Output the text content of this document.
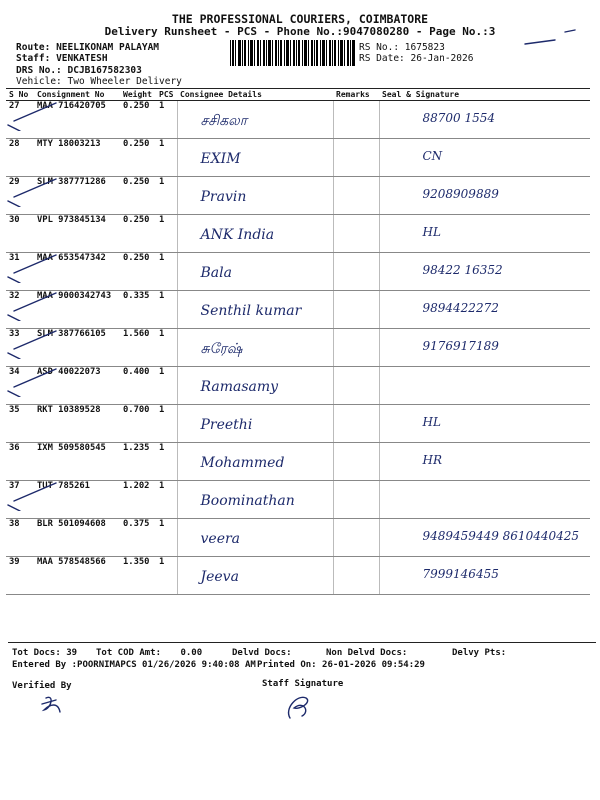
THE PROFESSIONAL COURIERS, COIMBATORE
Delivery Runsheet - PCS - Phone No.:9047080280 - Page No.:3
Route: NEELIKONAM PALAYAM
Staff: VENKATESH
DRS No.: DCJB167582303
Vehicle: Two Wheeler Delivery
RS No.: 1675823
RS Date: 26-Jan-2026
S No	Consignment No	Weight	PCS	Consignee Details	Remarks	Seal & Signature
27	MAA 716420705	0.250	1	சசிகலா		88700 1554

28	MTY 18003213	0.250	1	EXIM		CN

29	SLM 387771286	0.250	1	Pravin		9208909889

30	VPL 973845134	0.250	1	ANK India		HL

31	MAA 653547342	0.250	1	Bala		98422 16352

32	MAA 9000342743	0.335	1	Senthil kumar		9894422272

33	SLM 387766105	1.560	1	சுரேஷ்		9176917189

34	ASD 40022073	0.400	1	Ramasamy		

35	RKT 10389528	0.700	1	Preethi		HL

36	IXM 509580545	1.235	1	Mohammed		HR

37	TUT 785261	1.202	1	Boominathan		

38	BLR 501094608	0.375	1	veera		9489459449 8610440425

39	MAA 578548566	1.350	1	Jeeva		7999146455
Tot Docs: 39 Tot COD Amt: 0.00	Delvd Docs:	Non Delvd Docs:	Delvy Pts:
Entered By :POORNIMAPCS 01/26/2026 9:40:08 AM Printed On: 26-01-2026 09:54:29
Verified By	Staff Signature
